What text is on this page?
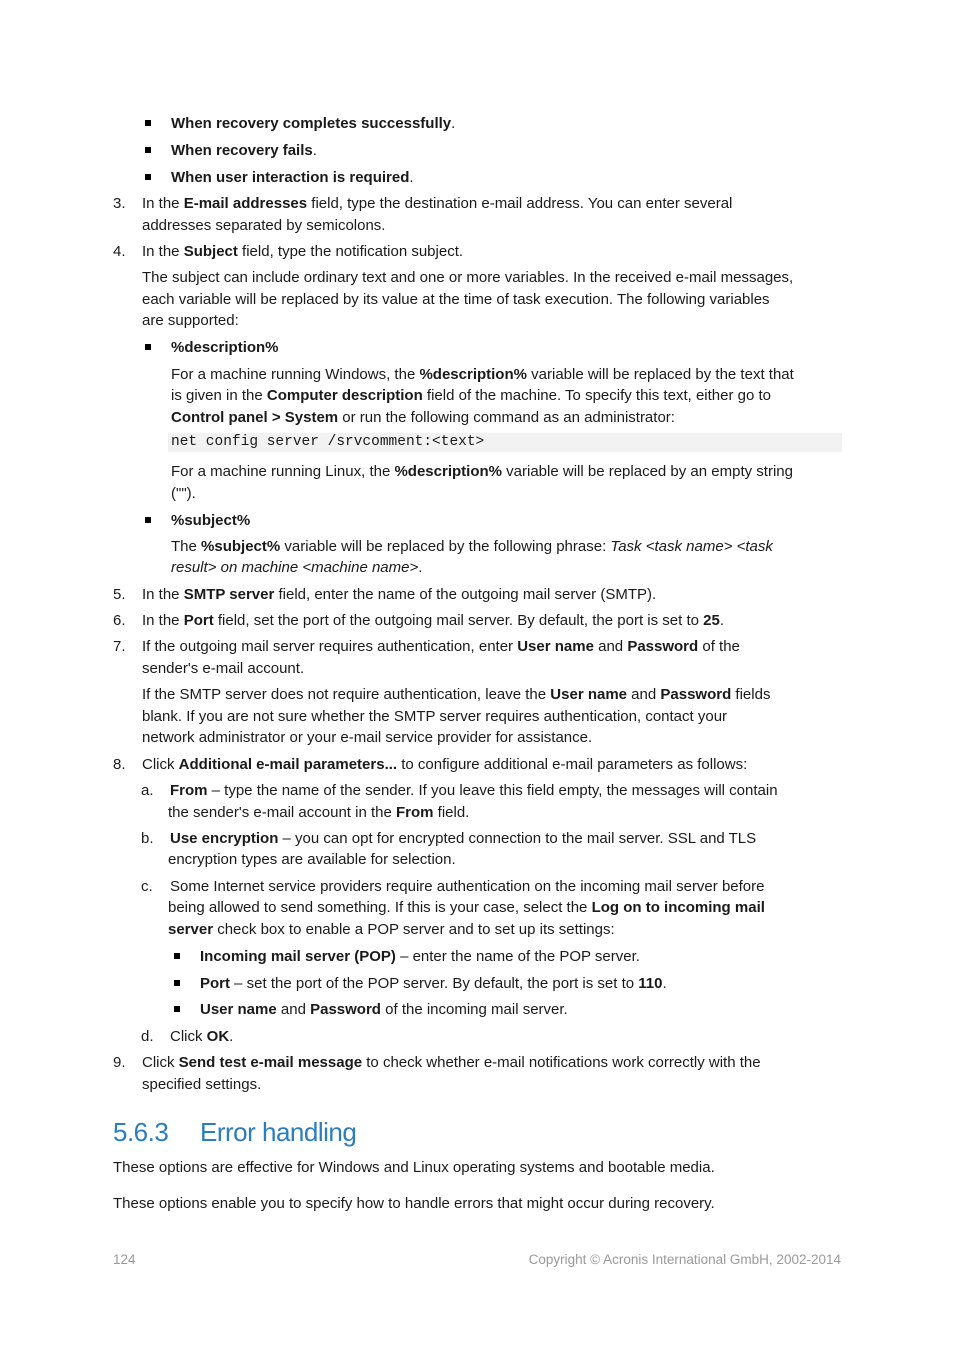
When recovery completes successfully.
When recovery fails.
When user interaction is required.
3. In the E-mail addresses field, type the destination e-mail address. You can enter several
addresses separated by semicolons.
4. In the Subject field, type the notification subject.
The subject can include ordinary text and one or more variables. In the received e-mail messages,
each variable will be replaced by its value at the time of task execution. The following variables
are supported:
%description%
For a machine running Windows, the %description% variable will be replaced by the text that
is given in the Computer description field of the machine. To specify this text, either go to
Control panel > System or run the following command as an administrator:
For a machine running Linux, the %description% variable will be replaced by an empty string
("").
%subject%
The %subject% variable will be replaced by the following phrase: Task <task name> <task
result> on machine <machine name>.
5. In the SMTP server field, enter the name of the outgoing mail server (SMTP).
6. In the Port field, set the port of the outgoing mail server. By default, the port is set to 25.
7. If the outgoing mail server requires authentication, enter User name and Password of the
sender's e-mail account.
If the SMTP server does not require authentication, leave the User name and Password fields
blank. If you are not sure whether the SMTP server requires authentication, contact your
network administrator or your e-mail service provider for assistance.
8. Click Additional e-mail parameters... to configure additional e-mail parameters as follows:
a. From – type the name of the sender. If you leave this field empty, the messages will contain
the sender's e-mail account in the From field.
b. Use encryption – you can opt for encrypted connection to the mail server. SSL and TLS
encryption types are available for selection.
c. Some Internet service providers require authentication on the incoming mail server before
being allowed to send something. If this is your case, select the Log on to incoming mail
server check box to enable a POP server and to set up its settings:
Incoming mail server (POP) – enter the name of the POP server.
Port – set the port of the POP server. By default, the port is set to 110.
User name and Password of the incoming mail server.
d. Click OK.
9. Click Send test e-mail message to check whether e-mail notifications work correctly with the
specified settings.
net config server /srvcomment:<text>
5.6.3 Error handling
These options are effective for Windows and Linux operating systems and bootable media.
These options enable you to specify how to handle errors that might occur during recovery.
124	Copyright © Acronis International GmbH, 2002-2014
